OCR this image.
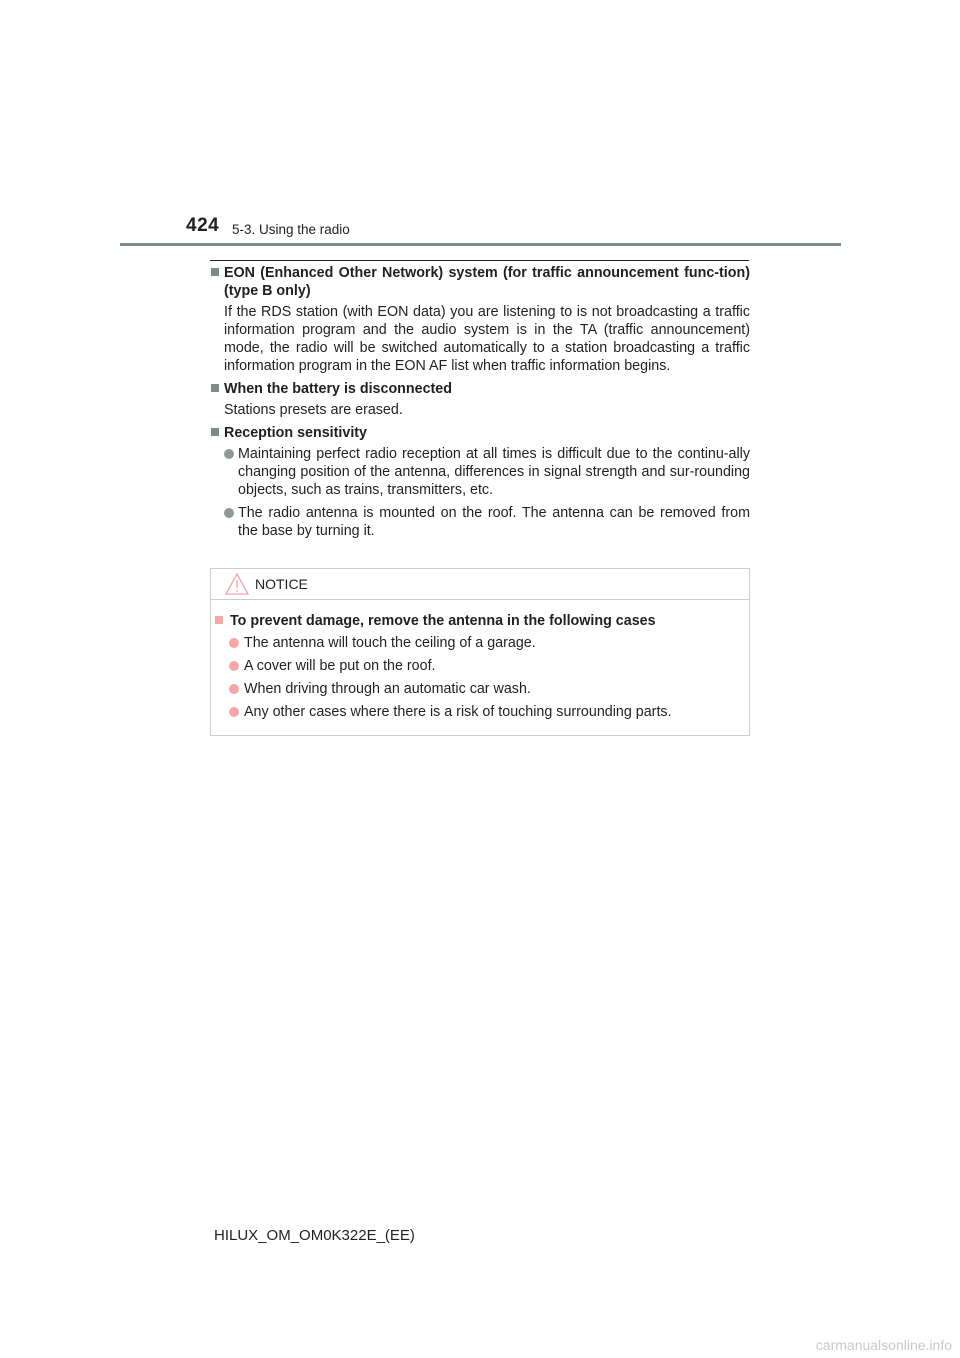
424 5-3. Using the radio
EON (Enhanced Other Network) system (for traffic announcement func-tion) (type B only)
If the RDS station (with EON data) you are listening to is not broadcasting a traffic information program and the audio system is in the TA (traffic announcement) mode, the radio will be switched automatically to a station broadcasting a traffic information program in the EON AF list when traffic information begins.
When the battery is disconnected
Stations presets are erased.
Reception sensitivity
Maintaining perfect radio reception at all times is difficult due to the continu-ally changing position of the antenna, differences in signal strength and sur-rounding objects, such as trains, transmitters, etc.
The radio antenna is mounted on the roof. The antenna can be removed from the base by turning it.
NOTICE
To prevent damage, remove the antenna in the following cases
The antenna will touch the ceiling of a garage.
A cover will be put on the roof.
When driving through an automatic car wash.
Any other cases where there is a risk of touching surrounding parts.
HILUX_OM_OM0K322E_(EE)
carmanualsonline.info
